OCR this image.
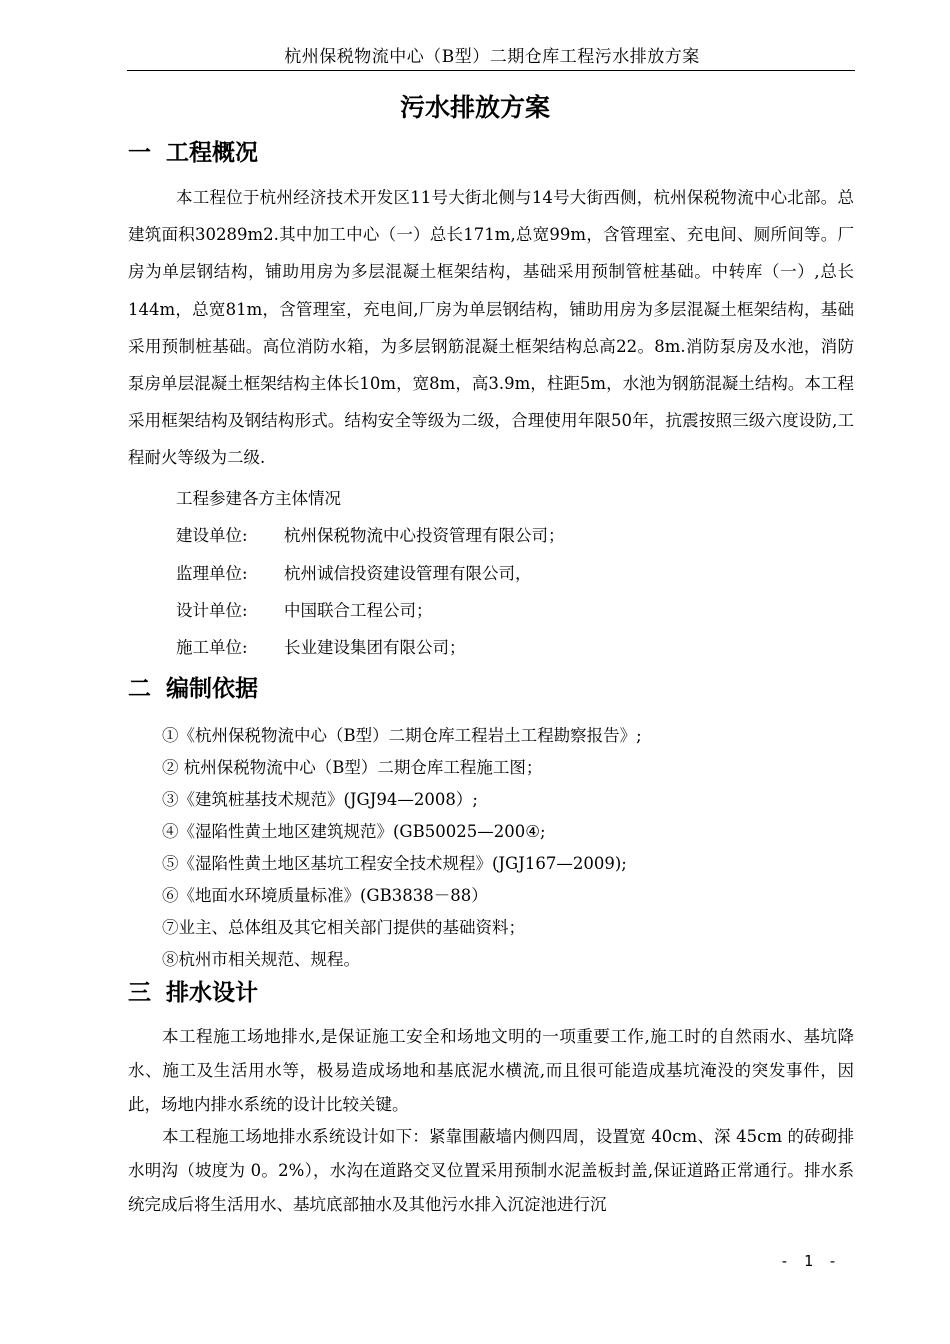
杭州保税物流中心（B型）二期仓库工程污水排放方案
污水排放方案
一 工程概况
本工程位于杭州经济技术开发区11号大街北侧与14号大街西侧，杭州保税物流中心北部。总建筑面积30289m2.其中加工中心（一）总长171m,总宽99m，含管理室、充电间、厕所间等。厂房为单层钢结构，铺助用房为多层混凝土框架结构，基础采用预制管桩基础。中转库（一）,总长144m，总宽81m，含管理室，充电间,厂房为单层钢结构，铺助用房为多层混凝土框架结构，基础采用预制桩基础。高位消防水箱，为多层钢筋混凝土框架结构总高22。8m.消防泵房及水池，消防泵房单层混凝土框架结构主体长10m，宽8m，高3.9m，柱距5m，水池为钢筋混凝土结构。本工程采用框架结构及钢结构形式。结构安全等级为二级，合理使用年限50年，抗震按照三级六度设防,工程耐火等级为二级.
工程参建各方主体情况
建设单位: 杭州保税物流中心投资管理有限公司；
监理单位: 杭州诚信投资建设管理有限公司，
设计单位: 中国联合工程公司；
施工单位: 长业建设集团有限公司；
二 编制依据
①《杭州保税物流中心（B型）二期仓库工程岩土工程勘察报告》;
② 杭州保税物流中心（B型）二期仓库工程施工图；
③《建筑桩基技术规范》(JGJ94—2008）;
④《湿陷性黄土地区建筑规范》(GB50025—200④;
⑤《湿陷性黄土地区基坑工程安全技术规程》(JGJ167—2009);
⑥《地面水环境质量标准》(GB3838－88）
⑦业主、总体组及其它相关部门提供的基础资料；
⑧杭州市相关规范、规程。
三 排水设计
本工程施工场地排水,是保证施工安全和场地文明的一项重要工作,施工时的自然雨水、基坑降水、施工及生活用水等，极易造成场地和基底泥水横流,而且很可能造成基坑淹没的突发事件，因此，场地内排水系统的设计比较关键。
本工程施工场地排水系统设计如下：紧靠围蔽墙内侧四周，设置宽 40cm、深 45cm 的砖砌排水明沟（坡度为 0。2%），水沟在道路交叉位置采用预制水泥盖板封盖,保证道路正常通行。排水系统完成后将生活用水、基坑底部抽水及其他污水排入沉淀池进行沉
- 1 -
